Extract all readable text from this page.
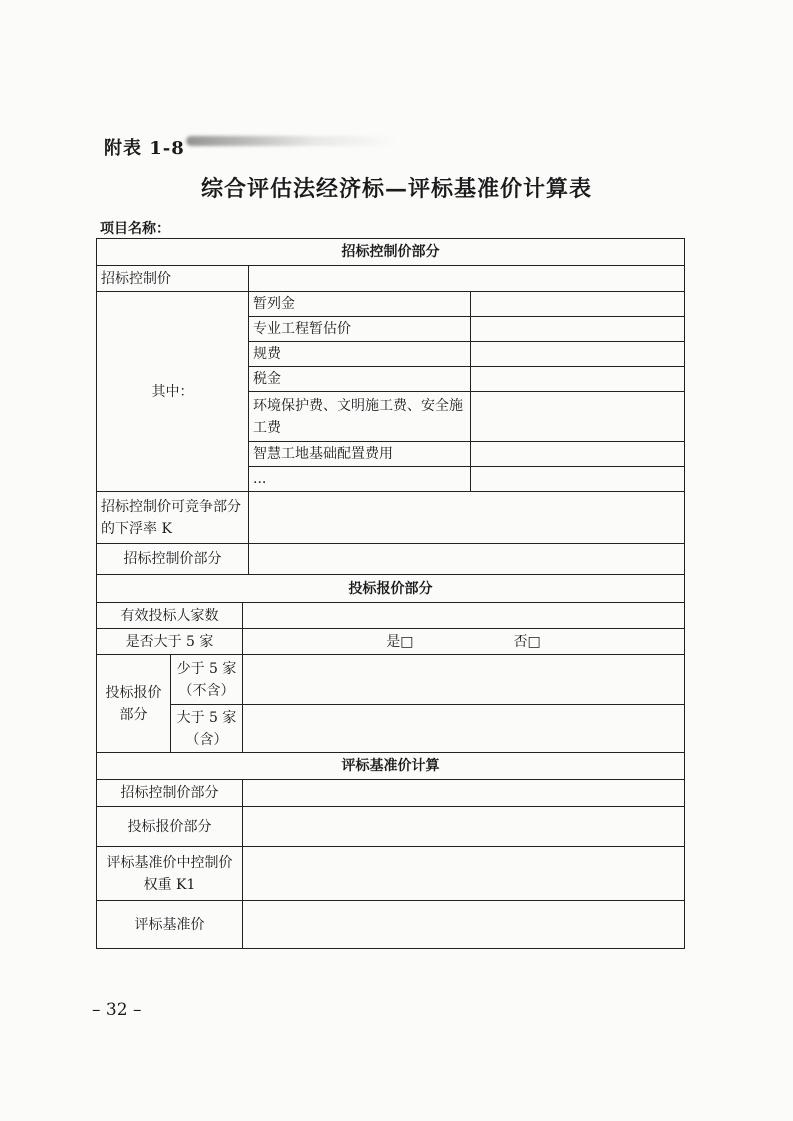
附表 1-8
综合评估法经济标—评标基准价计算表
项目名称：
招标控制价部分				
招标控制价				
其中：			暂列金	
			专业工程暂估价	
			规费	
			税金	
			环境保护费、文明施工费、安全施工费	
			智慧工地基础配置费用	
			...	
招标控制价可竞争部分的下浮率 K				
招标控制价部分				
投标报价部分				
有效投标人家数				
是否大于 5 家		是□ 否□		
投标报价部分	少于 5 家（不含）			
	大于 5 家（含）			
评标基准价计算				
招标控制价部分				
投标报价部分				
评标基准价中控制价权重 K1				
评标基准价				
– 32 –
